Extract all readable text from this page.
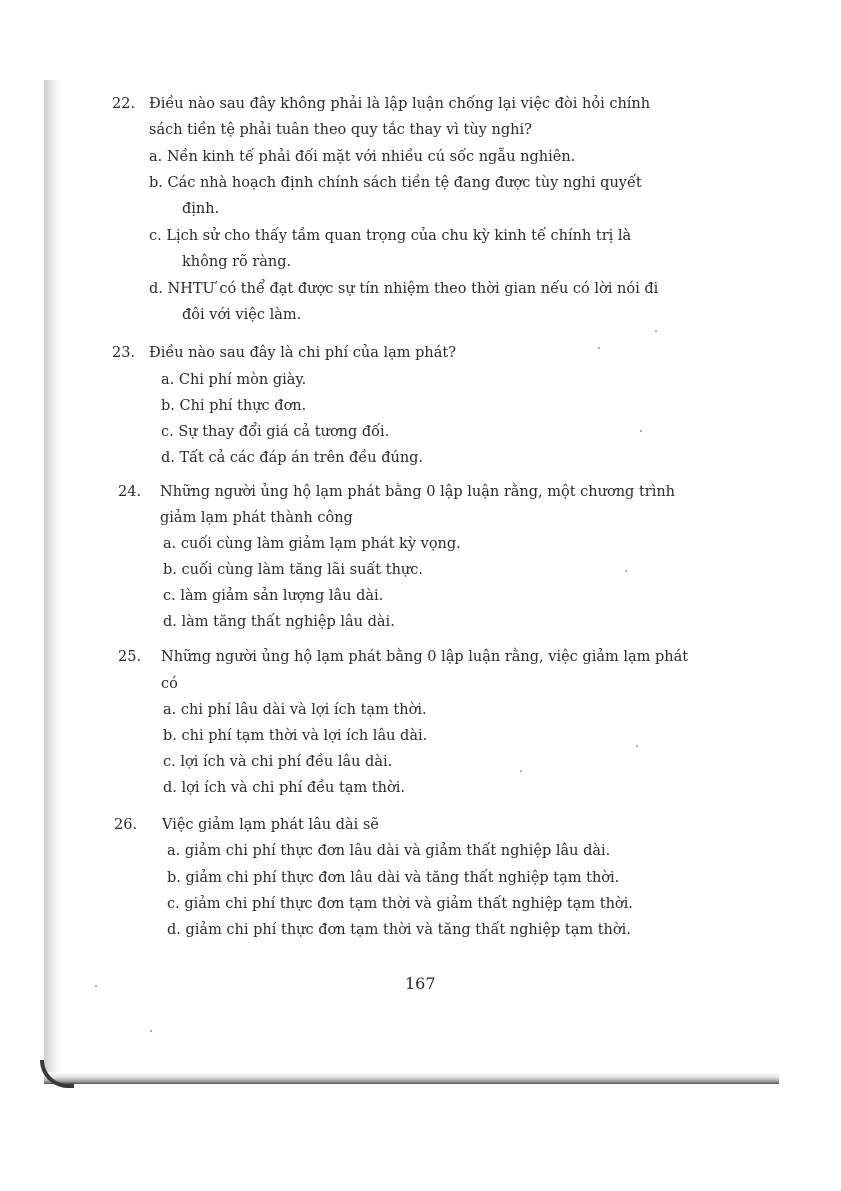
22. Điều nào sau đây không phải là lập luận chống lại việc đòi hỏi chính
sách tiền tệ phải tuân theo quy tắc thay vì tùy nghi?
a. Nền kinh tế phải đối mặt với nhiều cú sốc ngẫu nghiên.
b. Các nhà hoạch định chính sách tiền tệ đang được tùy nghi quyết
định.
c. Lịch sử cho thấy tầm quan trọng của chu kỳ kinh tế chính trị là
không rõ ràng.
d. NHTƯ có thể đạt được sự tín nhiệm theo thời gian nếu có lời nói đi
đôi với việc làm.
23. Điều nào sau đây là chi phí của lạm phát?
a. Chi phí mòn giày.
b. Chi phí thực đơn.
c. Sự thay đổi giá cả tương đối.
d. Tất cả các đáp án trên đều đúng.
24. Những người ủng hộ lạm phát bằng 0 lập luận rằng, một chương trình
giảm lạm phát thành công
a. cuối cùng làm giảm lạm phát kỳ vọng.
b. cuối cùng làm tăng lãi suất thực.
c. làm giảm sản lượng lâu dài.
d. làm tăng thất nghiệp lâu dài.
25. Những người ủng hộ lạm phát bằng 0 lập luận rằng, việc giảm lạm phát
có
a. chi phí lâu dài và lợi ích tạm thời.
b. chi phí tạm thời và lợi ích lâu dài.
c. lợi ích và chi phí đều lâu dài.
d. lợi ích và chi phí đều tạm thời.
26. Việc giảm lạm phát lâu dài sẽ
a. giảm chi phí thực đơn lâu dài và giảm thất nghiệp lâu dài.
b. giảm chi phí thực đơn lâu dài và tăng thất nghiệp tạm thời.
c. giảm chi phí thực đơn tạm thời và giảm thất nghiệp tạm thời.
d. giảm chi phí thực đơn tạm thời và tăng thất nghiệp tạm thời.
167
